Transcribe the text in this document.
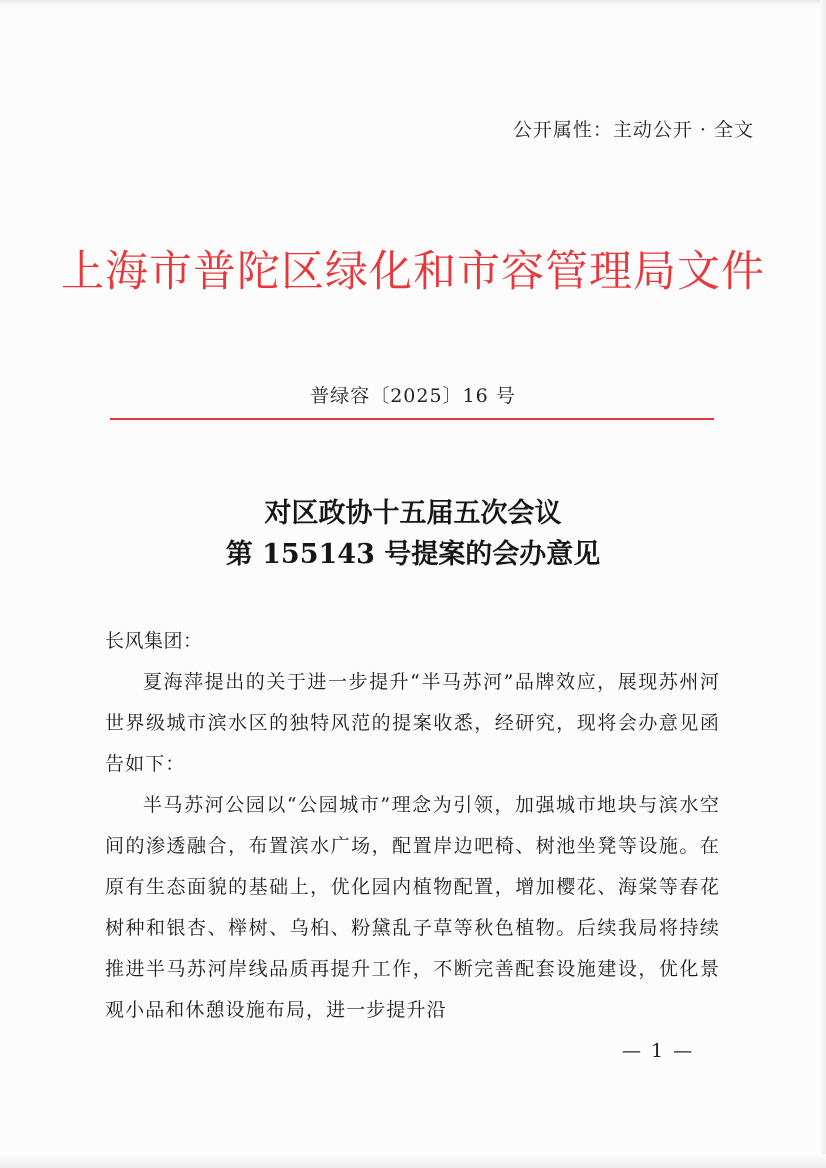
公开属性：主动公开 · 全文
上海市普陀区绿化和市容管理局文件
普绿容〔2025〕16 号
对区政协十五届五次会议
第 155143 号提案的会办意见

长风集团：

夏海萍提出的关于进一步提升“半马苏河”品牌效应，展现苏州河世界级城市滨水区的独特风范的提案收悉，经研究，现将会办意见函告如下：

半马苏河公园以“公园城市”理念为引领，加强城市地块与滨水空间的渗透融合，布置滨水广场，配置岸边吧椅、树池坐凳等设施。在原有生态面貌的基础上，优化园内植物配置，增加樱花、海棠等春花树种和银杏、榉树、乌桕、粉黛乱子草等秋色植物。后续我局将持续推进半马苏河岸线品质再提升工作，不断完善配套设施建设，优化景观小品和休憩设施布局，进一步提升沿

— 1 —
